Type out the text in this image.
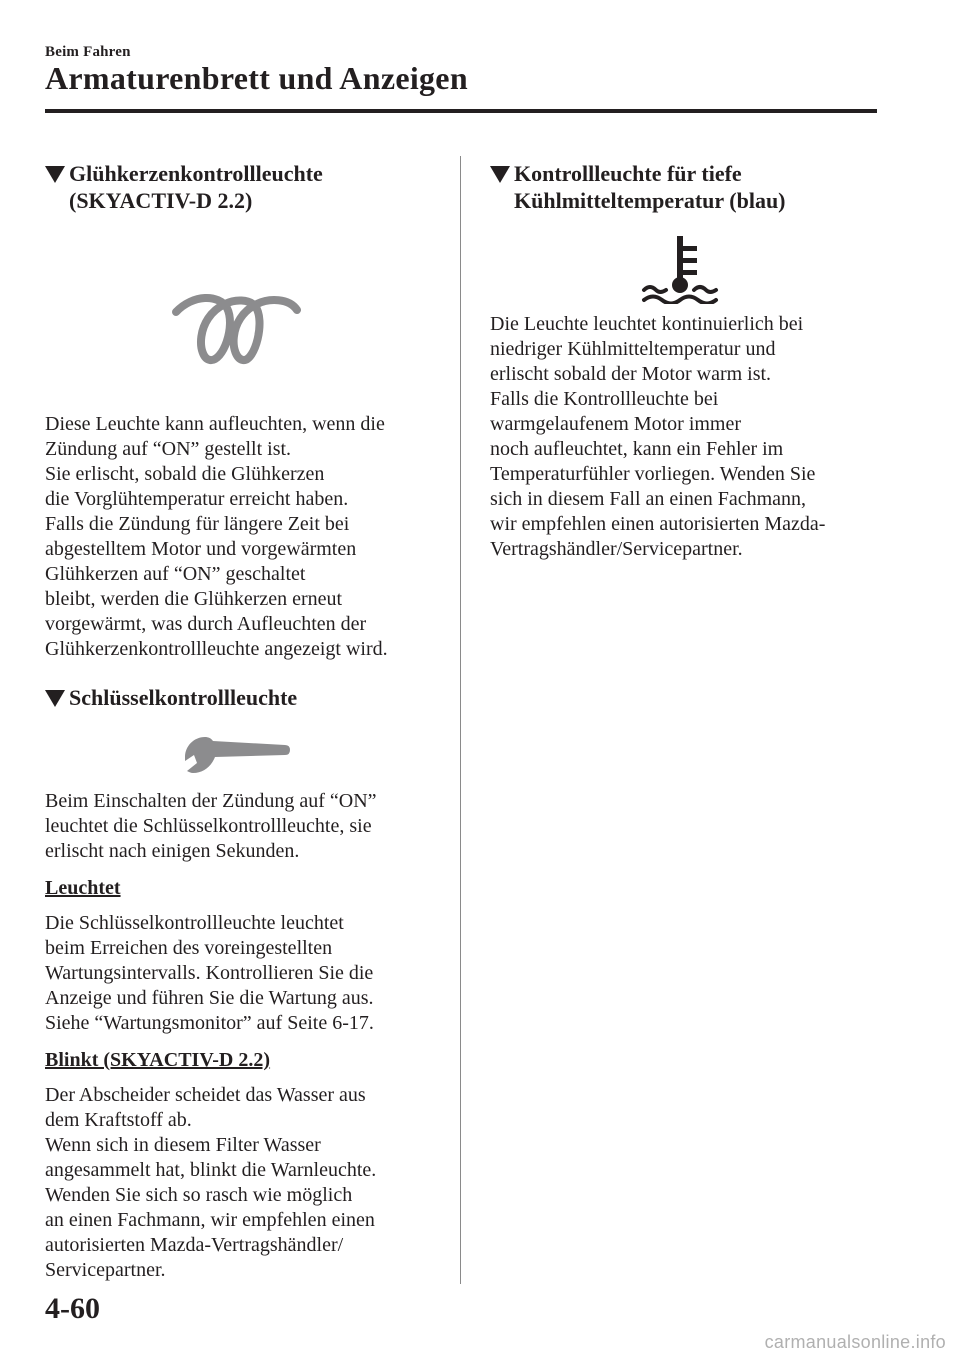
Beim Fahren
Armaturenbrett und Anzeigen
Glühkerzenkontrollleuchte
(SKYACTIV-D 2.2)

Diese Leuchte kann aufleuchten, wenn die
Zündung auf “ON” gestellt ist.
Sie erlischt, sobald die Glühkerzen
die Vorglühtemperatur erreicht haben.
Falls die Zündung für längere Zeit bei
abgestelltem Motor und vorgewärmten
Glühkerzen auf “ON” geschaltet
bleibt, werden die Glühkerzen erneut
vorgewärmt, was durch Aufleuchten der
Glühkerzenkontrollleuchte angezeigt wird.

Schlüsselkontrollleuchte

Beim Einschalten der Zündung auf “ON”
leuchtet die Schlüsselkontrollleuchte, sie
erlischt nach einigen Sekunden.

Leuchtet

Die Schlüsselkontrollleuchte leuchtet
beim Erreichen des voreingestellten
Wartungsintervalls. Kontrollieren Sie die
Anzeige und führen Sie die Wartung aus.
Siehe “Wartungsmonitor” auf Seite 6-17.

Blinkt (SKYACTIV-D 2.2)

Der Abscheider scheidet das Wasser aus
dem Kraftstoff ab.
Wenn sich in diesem Filter Wasser
angesammelt hat, blinkt die Warnleuchte.
Wenden Sie sich so rasch wie möglich
an einen Fachmann, wir empfehlen einen
autorisierten Mazda-Vertragshändler/
Servicepartner.

Kontrollleuchte für tiefe
Kühlmitteltemperatur (blau)

Die Leuchte leuchtet kontinuierlich bei
niedriger Kühlmitteltemperatur und
erlischt sobald der Motor warm ist.
Falls die Kontrollleuchte bei
warmgelaufenem Motor immer
noch aufleuchtet, kann ein Fehler im
Temperaturfühler vorliegen. Wenden Sie
sich in diesem Fall an einen Fachmann,
wir empfehlen einen autorisierten Mazda-
Vertragshändler/Servicepartner.

4-60
carmanualsonline.info
